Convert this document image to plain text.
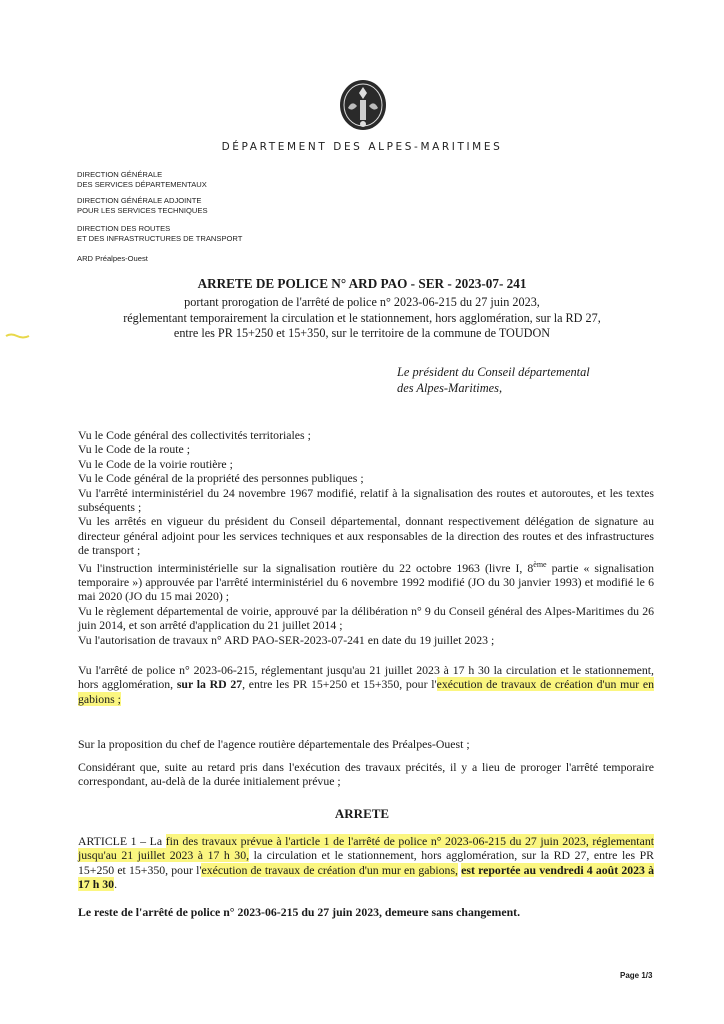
DÉPARTEMENT DES ALPES-MARITIMES
DIRECTION GÉNÉRALE
DES SERVICES DÉPARTEMENTAUX
DIRECTION GÉNÉRALE ADJOINTE
POUR LES SERVICES TECHNIQUES
DIRECTION DES ROUTES
ET DES INFRASTRUCTURES DE TRANSPORT
ARD Préalpes-Ouest
ARRETE DE POLICE N° ARD PAO - SER - 2023-07- 241
portant prorogation de l'arrêté de police n° 2023-06-215 du 27 juin 2023,
réglementant temporairement la circulation et le stationnement, hors agglomération, sur la RD 27,
entre les PR 15+250 et 15+350, sur le territoire de la commune de TOUDON
Le président du Conseil départemental
des Alpes-Maritimes,

Vu le Code général des collectivités territoriales ;

Vu le Code de la route ;

Vu le Code de la voirie routière ;

Vu le Code général de la propriété des personnes publiques ;

Vu l'arrêté interministériel du 24 novembre 1967 modifié, relatif à la signalisation des routes et autoroutes, et les textes subséquents ;

Vu les arrêtés en vigueur du président du Conseil départemental, donnant respectivement délégation de signature au directeur général adjoint pour les services techniques et aux responsables de la direction des routes et des infrastructures de transport ;

Vu l'instruction interministérielle sur la signalisation routière du 22 octobre 1963 (livre I, 8ème partie « signalisation temporaire ») approuvée par l'arrêté interministériel du 6 novembre 1992 modifié (JO du 30 janvier 1993) et modifié le 6 mai 2020 (JO du 15 mai 2020) ;

Vu le règlement départemental de voirie, approuvé par la délibération n° 9 du Conseil général des Alpes-Maritimes du 26 juin 2014, et son arrêté d'application du 21 juillet 2014 ;

Vu l'autorisation de travaux n° ARD PAO-SER-2023-07-241 en date du 19 juillet 2023 ;

Vu l'arrêté de police n° 2023-06-215, réglementant jusqu'au 21 juillet 2023 à 17 h 30 la circulation et le stationnement, hors agglomération, sur la RD 27, entre les PR 15+250 et 15+350, pour l'exécution de travaux de création d'un mur en gabions ;

Sur la proposition du chef de l'agence routière départementale des Préalpes-Ouest ;

Considérant que, suite au retard pris dans l'exécution des travaux précités, il y a lieu de proroger l'arrêté temporaire correspondant, au-delà de la durée initialement prévue ;

ARRETE

ARTICLE 1 – La fin des travaux prévue à l'article 1 de l'arrêté de police n° 2023-06-215 du 27 juin 2023, réglementant jusqu'au 21 juillet 2023 à 17 h 30, la circulation et le stationnement, hors agglomération, sur la RD 27, entre les PR 15+250 et 15+350, pour l'exécution de travaux de création d'un mur en gabions, est reportée au vendredi 4 août 2023 à 17 h 30.

Le reste de l'arrêté de police n° 2023-06-215 du 27 juin 2023, demeure sans changement.

Page 1/3
